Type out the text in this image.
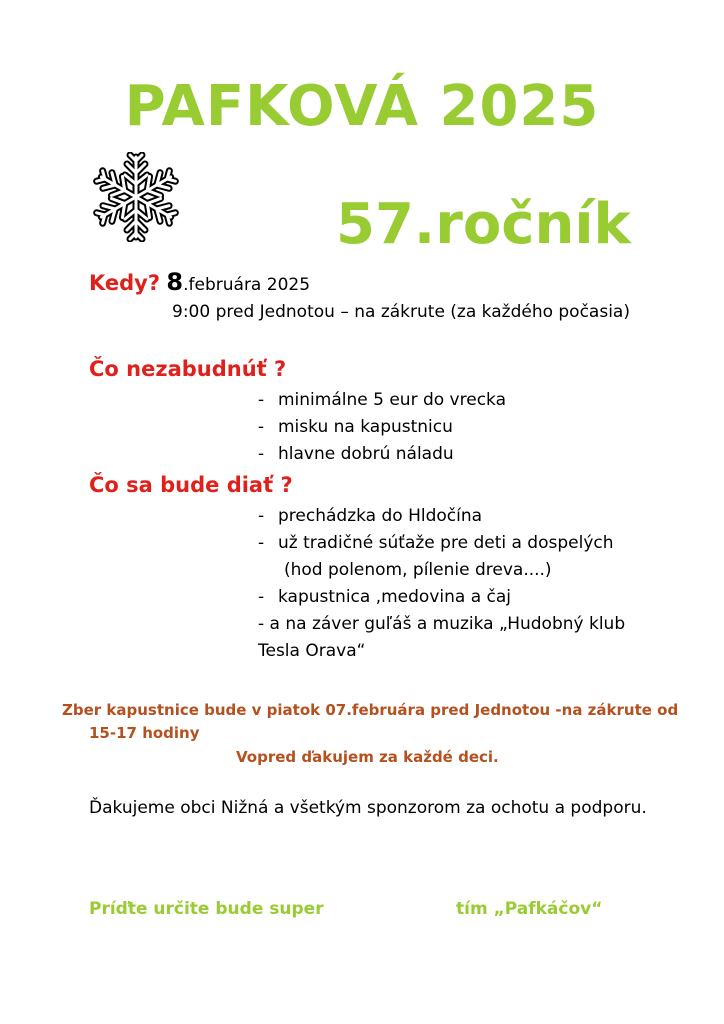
PAFKOVÁ 2025
57.ročník
Kedy? 8.februára 2025
9:00 pred Jednotou – na zákrute (za každého počasia)
Čo nezabudnúť ?
- minimálne 5 eur do vrecka
- misku na kapustnicu
- hlavne dobrú náladu
Čo sa bude diať ?
- prechádzka do Hldočína
- už tradičné súťaže pre deti a dospelých
(hod polenom, pílenie dreva....)
- kapustnica ,medovina a čaj
- a na záver guľáš a muzika „Hudobný klub
Tesla Orava“
Zber kapustnice bude v piatok 07.februára pred Jednotou -na zákrute od
15-17 hodiny
Vopred ďakujem za každé deci.
Ďakujeme obci Nižná a všetkým sponzorom za ochotu a podporu.
Príďte určite bude super	tím „Pafkáčov“
